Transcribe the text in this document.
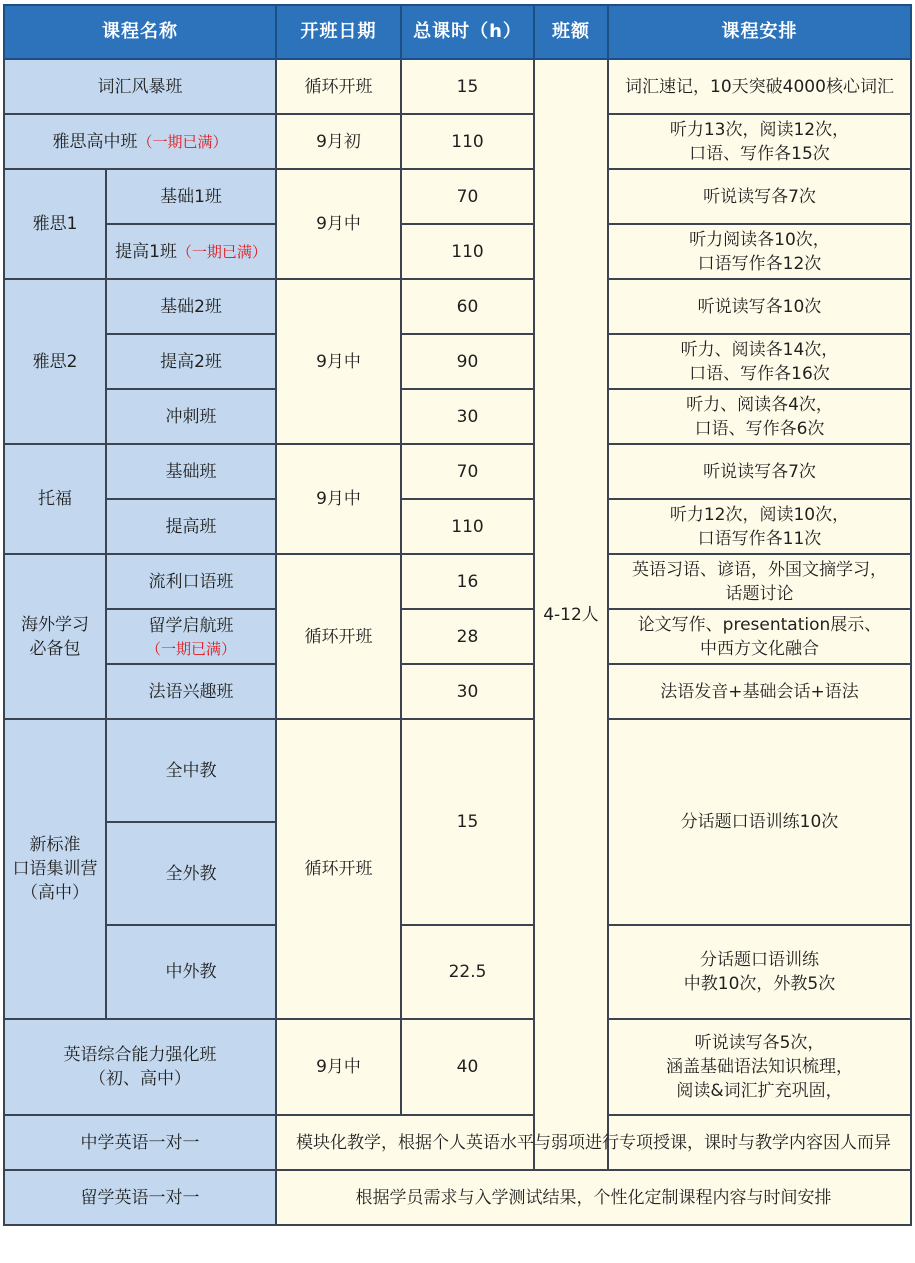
课程名称		开班日期	总课时（h）	班额	课程安排
词汇风暴班		循环开班	15	4-12人	词汇速记，10天突破4000核心词汇

雅思高中班（一期已满）		9月初	110		听力13次，阅读12次，
口语、写作各15次

雅思1	基础1班	9月中	70		听说读写各7次

	提高1班（一期已满）		110		听力阅读各10次，
口语写作各12次

雅思2	基础2班	9月中	60		听说读写各10次

	提高2班		90		听力、阅读各14次，
口语、写作各16次

	冲刺班		30		听力、阅读各4次，
口语、写作各6次

托福	基础班	9月中	70		听说读写各7次

	提高班		110		听力12次，阅读10次，
口语写作各11次

海外学习
必备包	流利口语班	循环开班	16		英语习语、谚语，外国文摘学习，
话题讨论

	留学启航班
（一期已满）		28		论文写作、presentation展示、
中西方文化融合

	法语兴趣班		30		法语发音+基础会话+语法

新标准
口语集训营
（高中）	全中教	循环开班	15		分话题口语训练10次

	全外教				
	中外教		22.5		分话题口语训练
中教10次，外教5次

英语综合能力强化班
（初、高中）		9月中	40		听说读写各5次，
涵盖基础语法知识梳理，
阅读&词汇扩充巩固，

中学英语一对一		模块化教学，根据个人英语水平与弱项进行专项授课，课时与教学内容因人而异			
留学英语一对一		根据学员需求与入学测试结果，个性化定制课程内容与时间安排			
